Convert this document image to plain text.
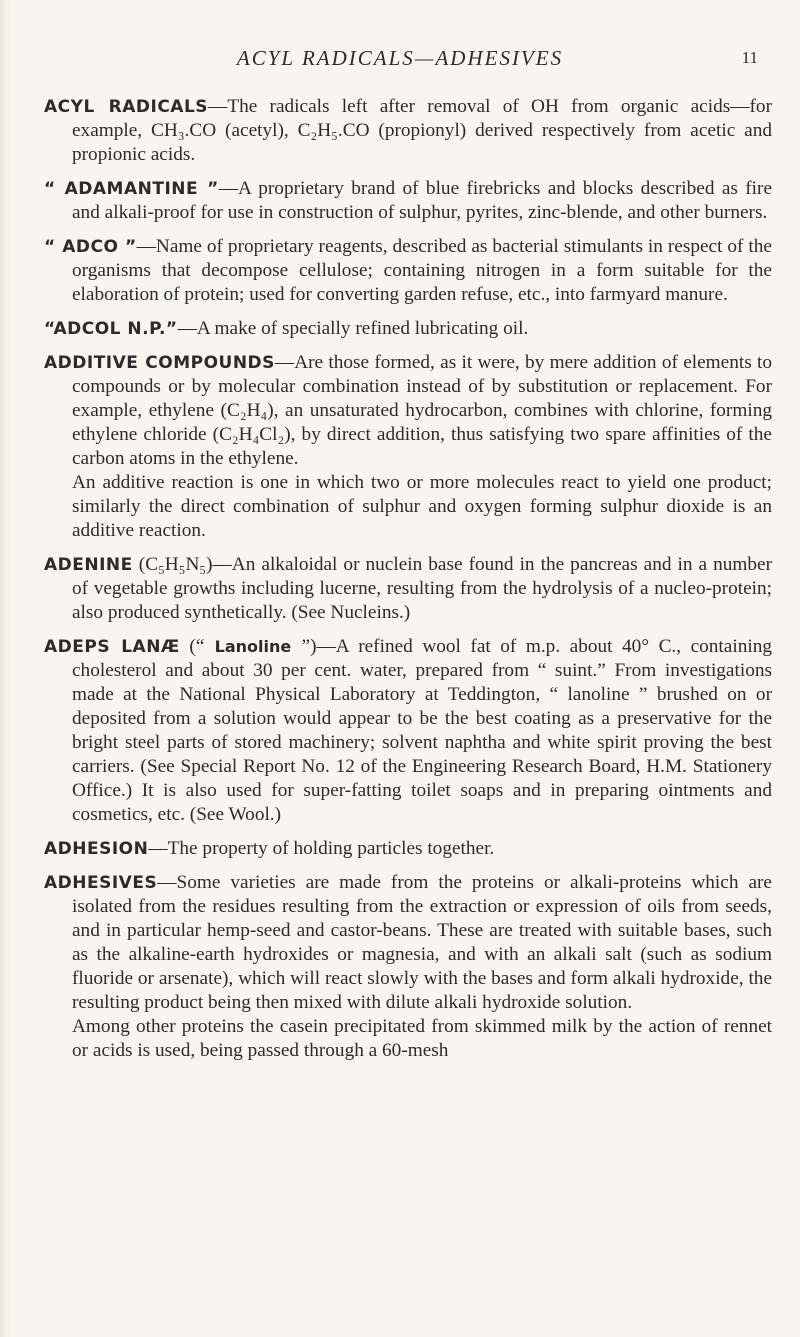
ACYL RADICALS—ADHESIVES	11

ACYL RADICALS—The radicals left after removal of OH from organic acids—for example, CH₃.CO (acetyl), C₂H₅.CO (propionyl) derived respectively from acetic and propionic acids.

“ ADAMANTINE ”—A proprietary brand of blue firebricks and blocks described as fire and alkali-proof for use in construction of sulphur, pyrites, zinc-blende, and other burners.

“ ADCO ”—Name of proprietary reagents, described as bacterial stimulants in respect of the organisms that decompose cellulose; containing nitrogen in a form suitable for the elaboration of protein; used for converting garden refuse, etc., into farmyard manure.

“ADCOL N.P.”—A make of specially refined lubricating oil.

ADDITIVE COMPOUNDS—Are those formed, as it were, by mere addition of elements to compounds or by molecular combination instead of by substitution or replacement. For example, ethylene (C₂H₄), an unsaturated hydrocarbon, combines with chlorine, forming ethylene chloride (C₂H₄Cl₂), by direct addition, thus satisfying two spare affinities of the carbon atoms in the ethylene.
An additive reaction is one in which two or more molecules react to yield one product; similarly the direct combination of sulphur and oxygen forming sulphur dioxide is an additive reaction.

ADENINE (C₅H₅N₅)—An alkaloidal or nuclein base found in the pancreas and in a number of vegetable growths including lucerne, resulting from the hydrolysis of a nucleo-protein; also produced synthetically. (See Nucleins.)

ADEPS LANÆ (“ Lanoline ”)—A refined wool fat of m.p. about 40° C., containing cholesterol and about 30 per cent. water, prepared from “ suint.” From investigations made at the National Physical Laboratory at Teddington, “ lanoline ” brushed on or deposited from a solution would appear to be the best coating as a preservative for the bright steel parts of stored machinery; solvent naphtha and white spirit proving the best carriers. (See Special Report No. 12 of the Engineering Research Board, H.M. Stationery Office.) It is also used for super-fatting toilet soaps and in preparing ointments and cosmetics, etc. (See Wool.)

ADHESION—The property of holding particles together.

ADHESIVES—Some varieties are made from the proteins or alkali-proteins which are isolated from the residues resulting from the extraction or expression of oils from seeds, and in particular hemp-seed and castor-beans. These are treated with suitable bases, such as the alkaline-earth hydroxides or magnesia, and with an alkali salt (such as sodium fluoride or arsenate), which will react slowly with the bases and form alkali hydroxide, the resulting product being then mixed with dilute alkali hydroxide solution.
Among other proteins the casein precipitated from skimmed milk by the action of rennet or acids is used, being passed through a 60-mesh
